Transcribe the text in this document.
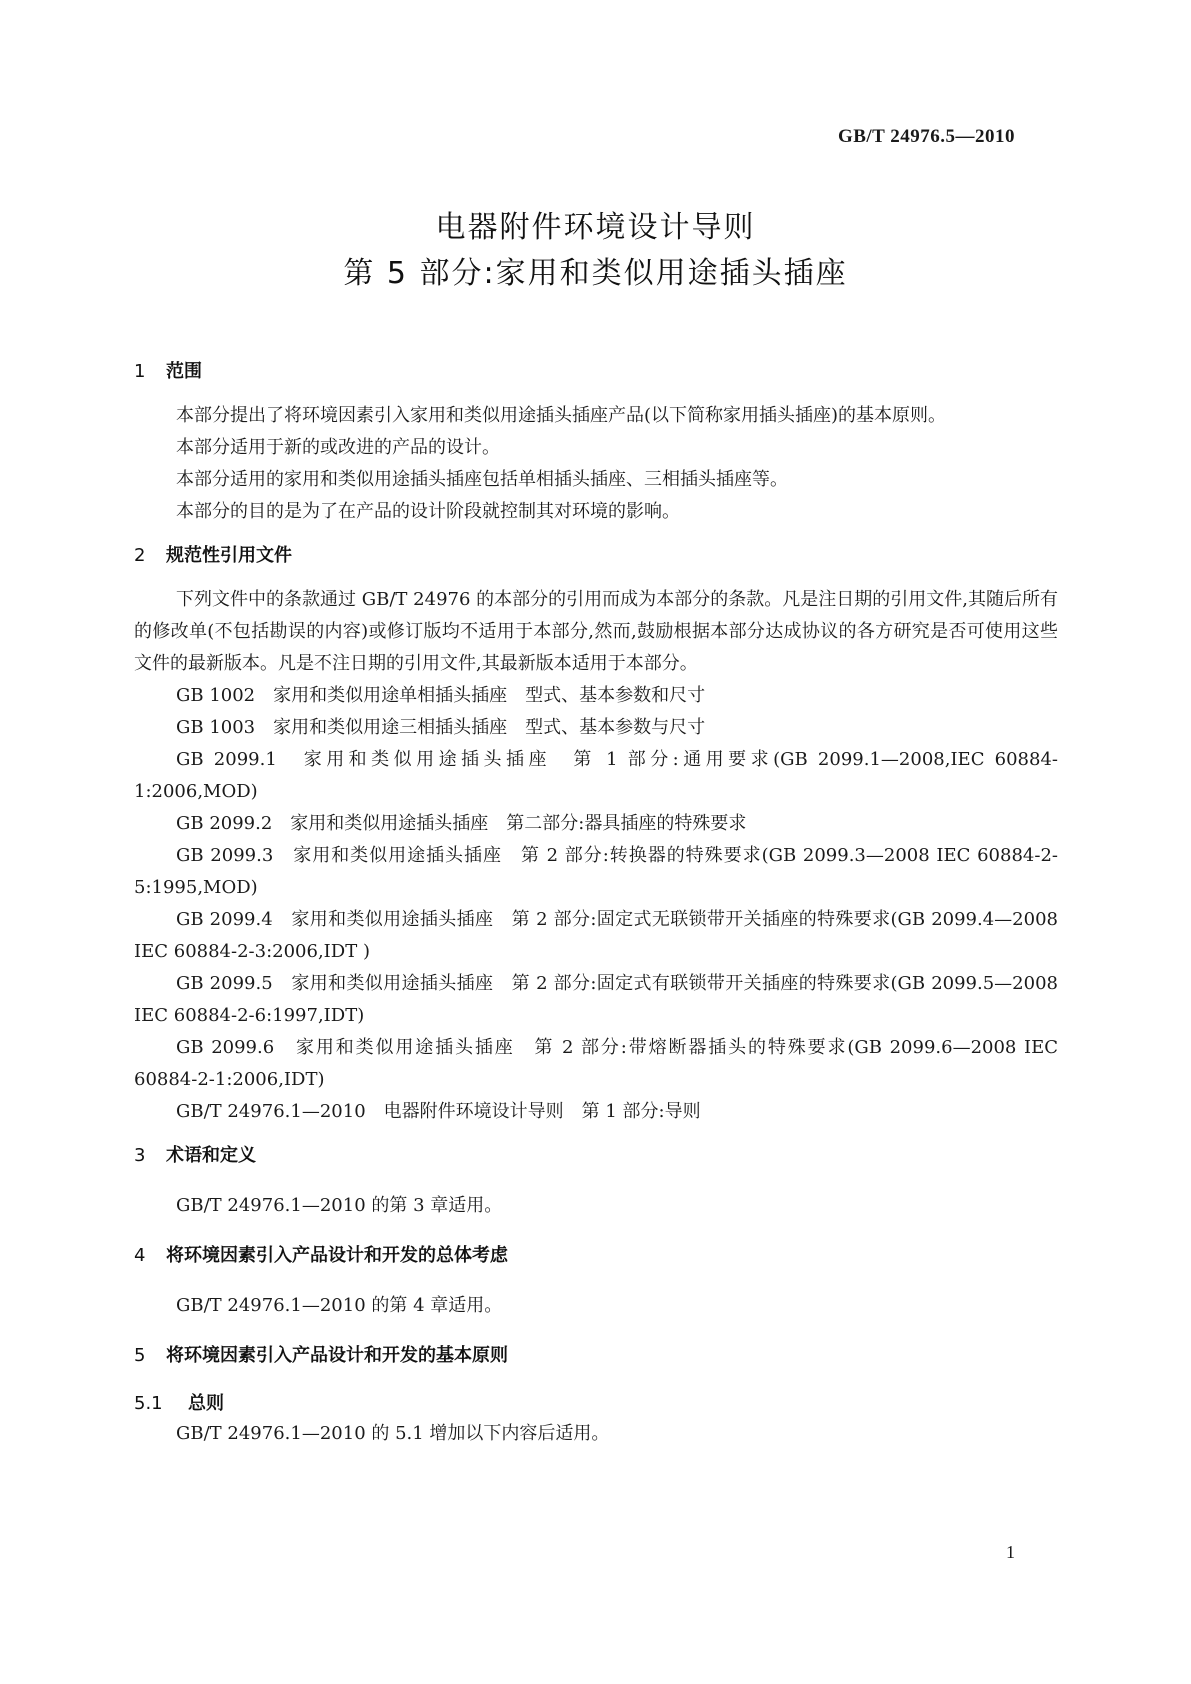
GB/T 24976.5—2010
电器附件环境设计导则
第 5 部分:家用和类似用途插头插座
1 范围

本部分提出了将环境因素引入家用和类似用途插头插座产品(以下简称家用插头插座)的基本原则。

本部分适用于新的或改进的产品的设计。

本部分适用的家用和类似用途插头插座包括单相插头插座、三相插头插座等。

本部分的目的是为了在产品的设计阶段就控制其对环境的影响。

2 规范性引用文件

下列文件中的条款通过 GB/T 24976 的本部分的引用而成为本部分的条款。凡是注日期的引用文件,其随后所有的修改单(不包括勘误的内容)或修订版均不适用于本部分,然而,鼓励根据本部分达成协议的各方研究是否可使用这些文件的最新版本。凡是不注日期的引用文件,其最新版本适用于本部分。

GB 1002　家用和类似用途单相插头插座　型式、基本参数和尺寸

GB 1003　家用和类似用途三相插头插座　型式、基本参数与尺寸

GB 2099.1　家用和类似用途插头插座　第 1 部分:通用要求(GB 2099.1—2008,IEC 60884-1:2006,MOD)

GB 2099.2　家用和类似用途插头插座　第二部分:器具插座的特殊要求

GB 2099.3　家用和类似用途插头插座　第 2 部分:转换器的特殊要求(GB 2099.3—2008 IEC 60884-2-5:1995,MOD)

GB 2099.4　家用和类似用途插头插座　第 2 部分:固定式无联锁带开关插座的特殊要求(GB 2099.4—2008 IEC 60884-2-3:2006,IDT )

GB 2099.5　家用和类似用途插头插座　第 2 部分:固定式有联锁带开关插座的特殊要求(GB 2099.5—2008 IEC 60884-2-6:1997,IDT)

GB 2099.6　家用和类似用途插头插座　第 2 部分:带熔断器插头的特殊要求(GB 2099.6—2008 IEC 60884-2-1:2006,IDT)

GB/T 24976.1—2010　电器附件环境设计导则　第 1 部分:导则

3 术语和定义

GB/T 24976.1—2010 的第 3 章适用。

4 将环境因素引入产品设计和开发的总体考虑

GB/T 24976.1—2010 的第 4 章适用。

5 将环境因素引入产品设计和开发的基本原则
5.1 总则

GB/T 24976.1—2010 的 5.1 增加以下内容后适用。

1
